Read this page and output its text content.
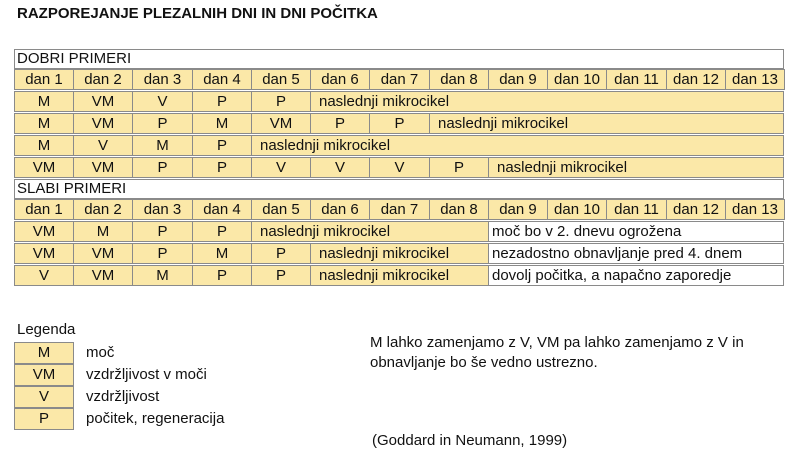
RAZPOREJANJE PLEZALNIH DNI IN DNI POČITKA
DOBRI PRIMERI
dan 1	dan 2	dan 3	dan 4	dan 5	dan 6	dan 7	dan 8	dan 9	dan 10 dan 11 dan 12 dan 13
M	VM	V	P	P	naslednji mikrocikel
M	VM	P	M	VM	P	P	naslednji mikrocikel
M	V	M	P	naslednji mikrocikel
VM	VM	P	P	V	V	V	P	naslednji mikrocikel
SLABI PRIMERI
dan 1	dan 2	dan 3	dan 4	dan 5	dan 6	dan 7	dan 8	dan 9	dan 10 dan 11 dan 12 dan 13
VM	M	P	P	naslednji mikrocikel	moč bo v 2. dnevu ogrožena
VM	VM	P	M	P	naslednji mikrocikel	nezadostno obnavljanje pred 4. dnem
V	VM	M	P	P	naslednji mikrocikel	dovolj počitka, a napačno zaporedje
Legenda
M	moč
VM	vzdržljivost v moči
V	vzdržljivost
P	počitek, regeneracija
M lahko zamenjamo z V, VM pa lahko zamenjamo z V in obnavljanje bo še vedno ustrezno.
(Goddard in Neumann, 1999)
